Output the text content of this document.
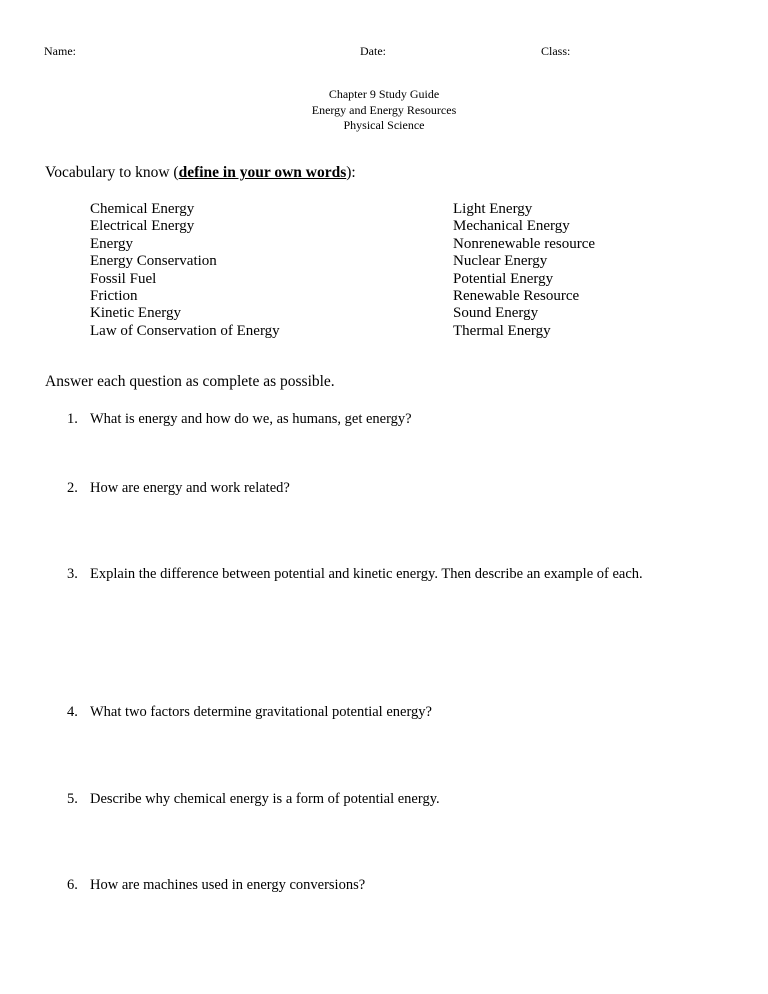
Name:	Date:	Class:
Chapter 9 Study Guide
Energy and Energy Resources
Physical Science
Vocabulary to know (define in your own words):
Chemical Energy
Electrical Energy
Energy
Energy Conservation
Fossil Fuel
Friction
Kinetic Energy
Law of Conservation of Energy
Light Energy
Mechanical Energy
Nonrenewable resource
Nuclear Energy
Potential Energy
Renewable Resource
Sound Energy
Thermal Energy
Answer each question as complete as possible.
1. What is energy and how do we, as humans, get energy?
2. How are energy and work related?
3. Explain the difference between potential and kinetic energy. Then describe an example of each.
4. What two factors determine gravitational potential energy?
5. Describe why chemical energy is a form of potential energy.
6. How are machines used in energy conversions?
